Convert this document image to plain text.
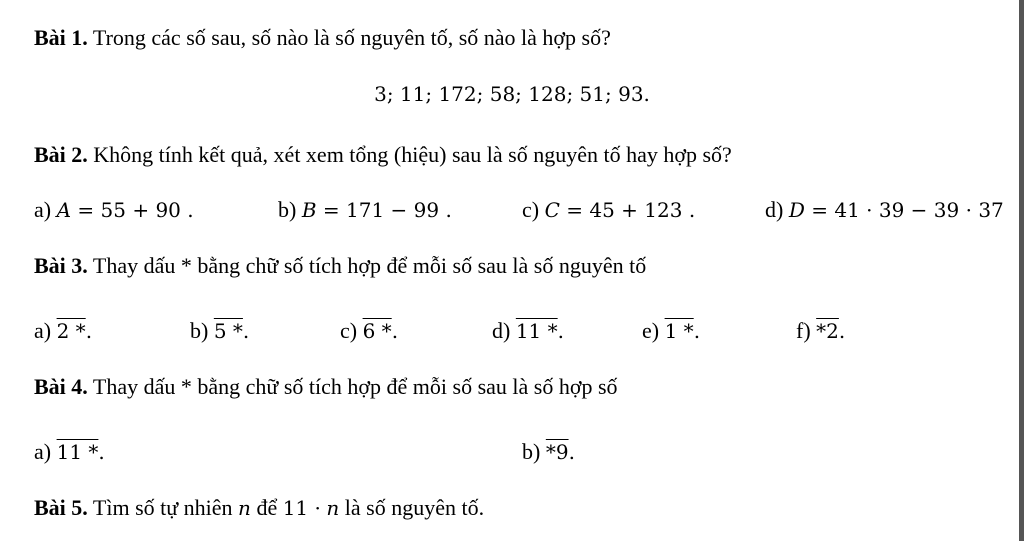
Bài 1. Trong các số sau, số nào là số nguyên tố, số nào là hợp số?
3; 11; 172; 58; 128; 51; 93.
Bài 2. Không tính kết quả, xét xem tổng (hiệu) sau là số nguyên tố hay hợp số?
a) A = 55 + 90 .	b) B = 171 − 99 .	c) C = 45 + 123 .	d) D = 41 · 39 − 39 · 37
Bài 3. Thay dấu * bằng chữ số tích hợp để mỗi số sau là số nguyên tố
a) 2 *.	b) 5 *.	c) 6 *.	d) 11 *.	e) 1 *.	f) *2.
Bài 4. Thay dấu * bằng chữ số tích hợp để mỗi số sau là số hợp số
a) 11 *.	b) *9.
Bài 5. Tìm số tự nhiên n để 11 · n là số nguyên tố.
